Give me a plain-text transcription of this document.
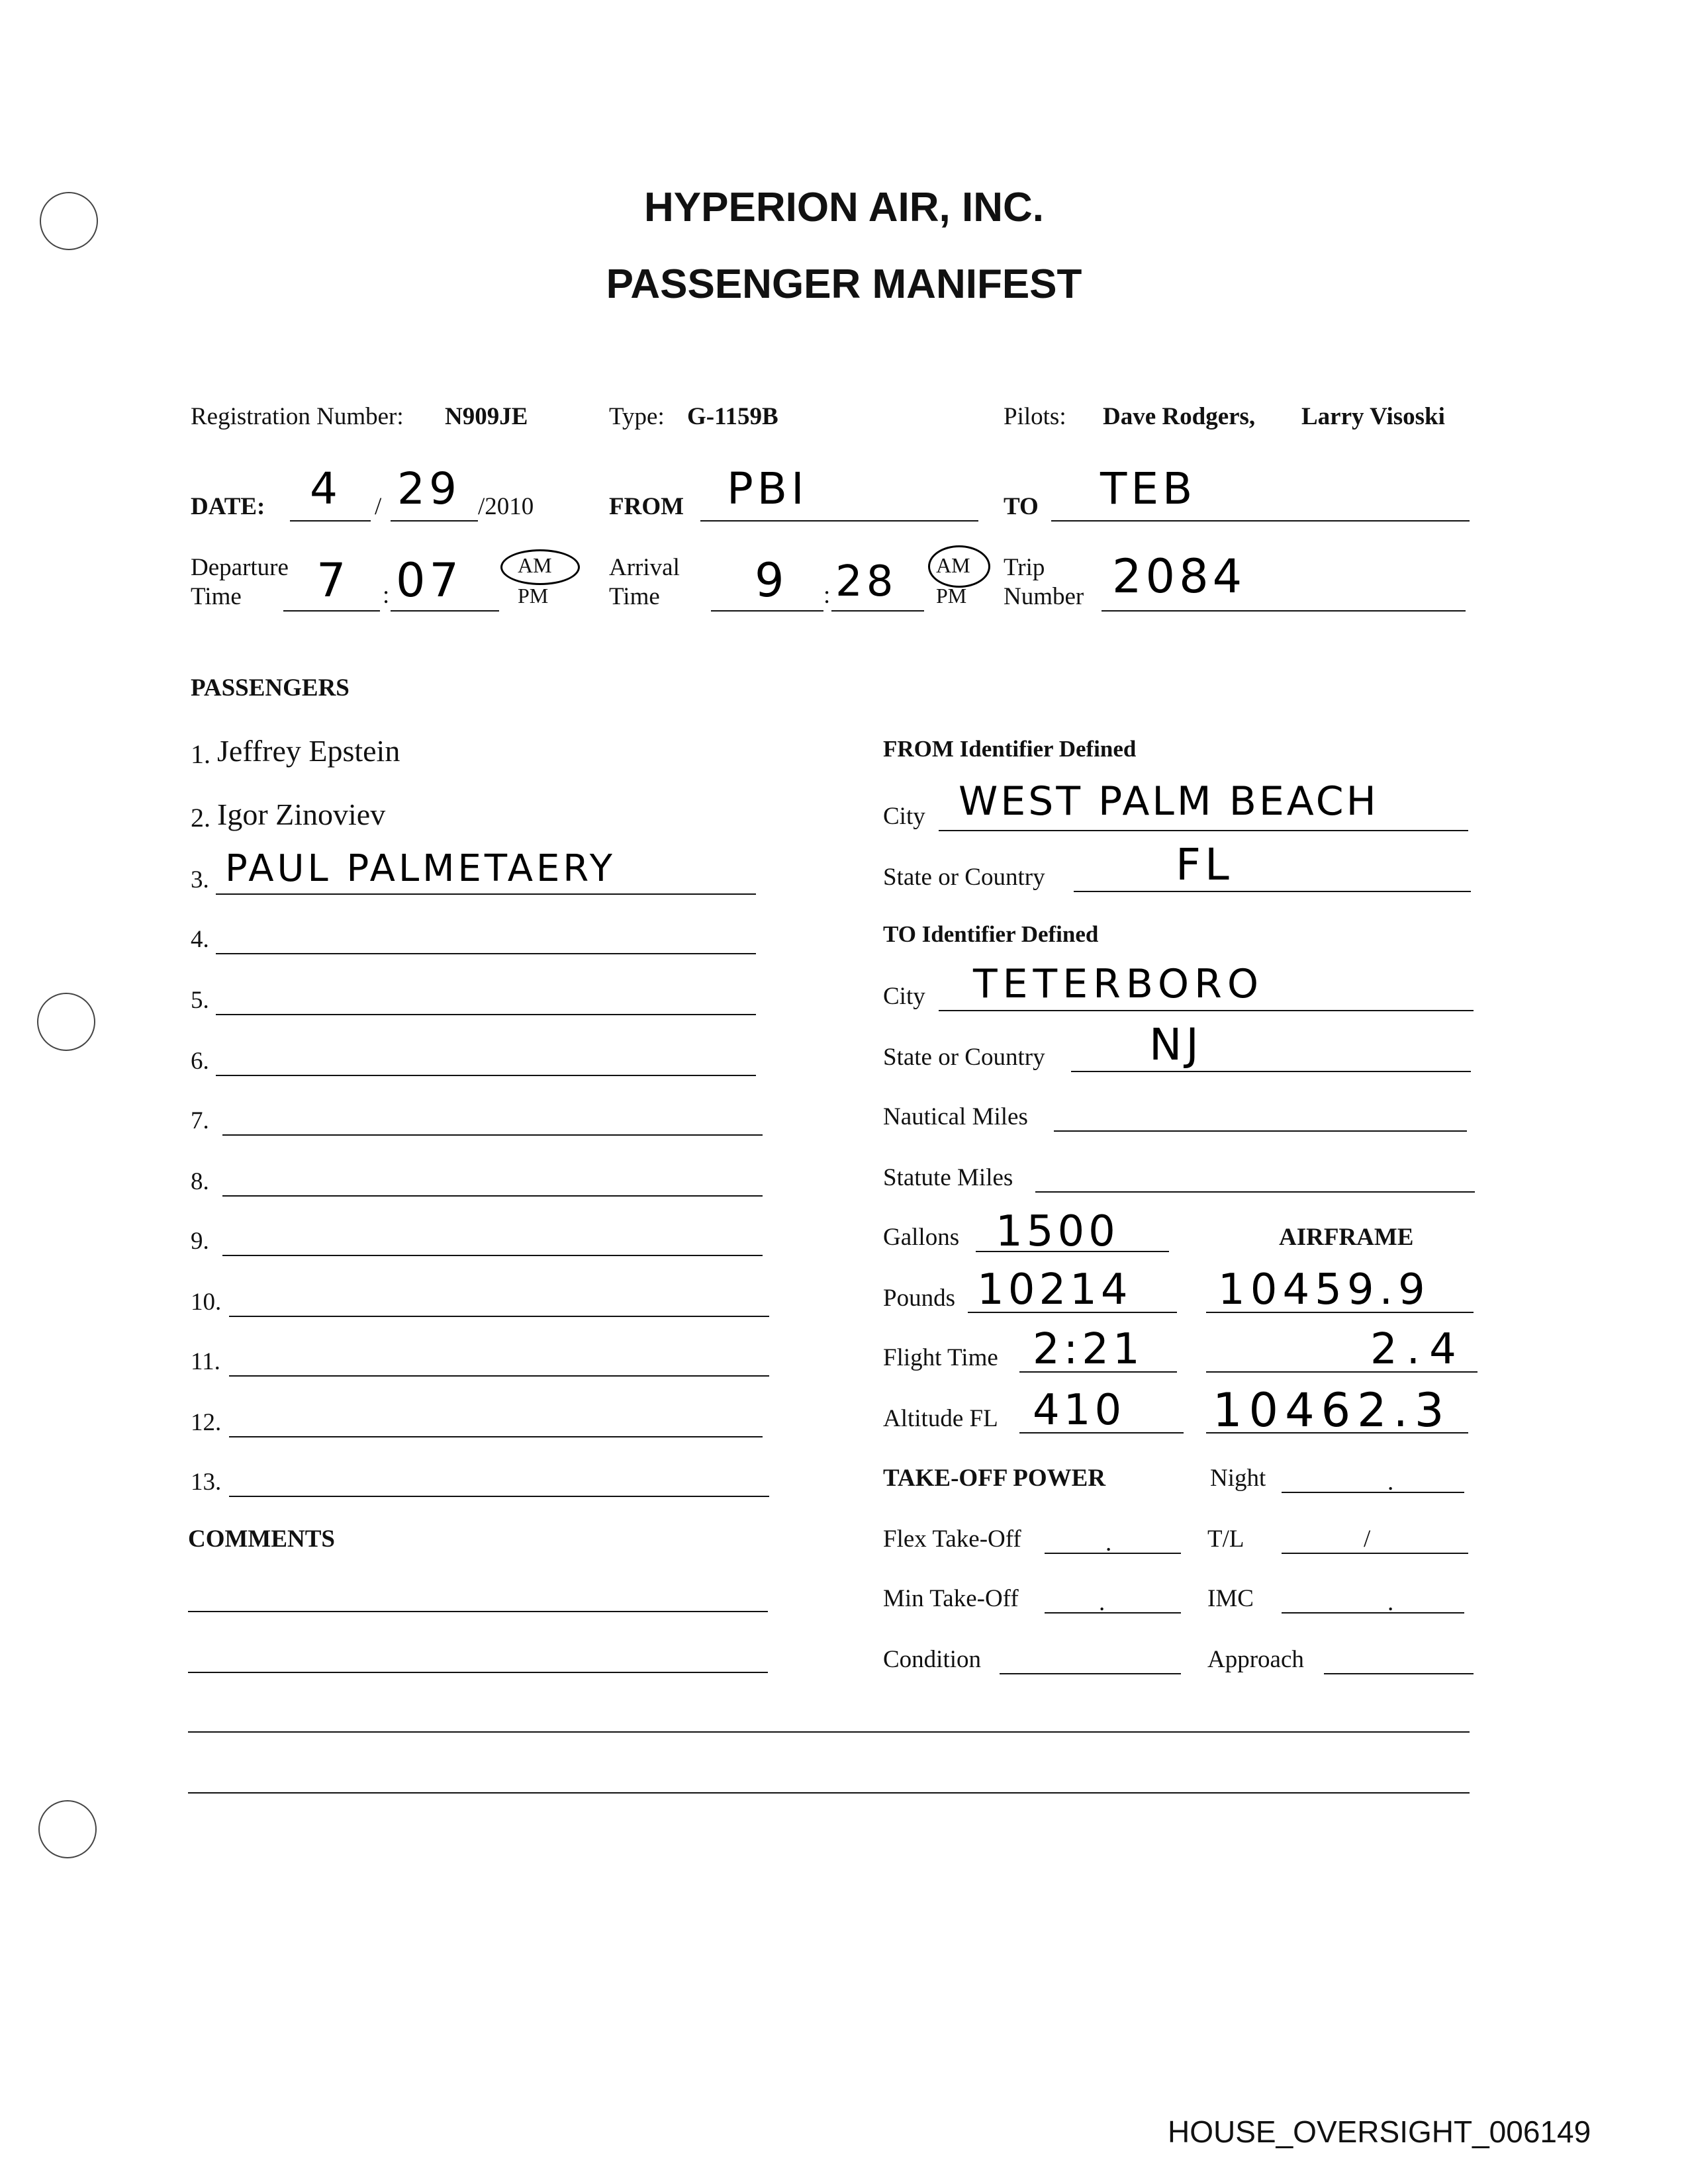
HYPERION AIR, INC.
PASSENGER MANIFEST
Registration Number: N909JE	Type: G-1159B	Pilots: Dave Rodgers, Larry Visoski
DATE: 4 / 29 /2010	FROM PBI	TO TEB
Departure
Time 7 : 07	AM
PM
Arrival
Time 9 : 28 AM
PM
Trip
Number 2084
PASSENGERS
1. Jeffrey Epstein
2. Igor Zinoviev
3. PAUL PALMETAERY
4.
5.
6.
7.
8.
9.
10.
11.
12.
13.
FROM Identifier Defined
City WEST PALM BEACH
State or Country	FL
TO Identifier Defined
City TETERBORO
State or Country NJ
Nautical Miles
Statute Miles
Gallons 1500	AIRFRAME
Pounds 10214 10459.9
Flight Time 2:21	2.4
Altitude FL 410 10462.3
TAKE-OFF POWER	Night	.
Flex Take-Off	.	T/L	/
Min Take-Off	.	IMC	.
Condition	Approach
COMMENTS
HOUSE_OVERSIGHT_006149
